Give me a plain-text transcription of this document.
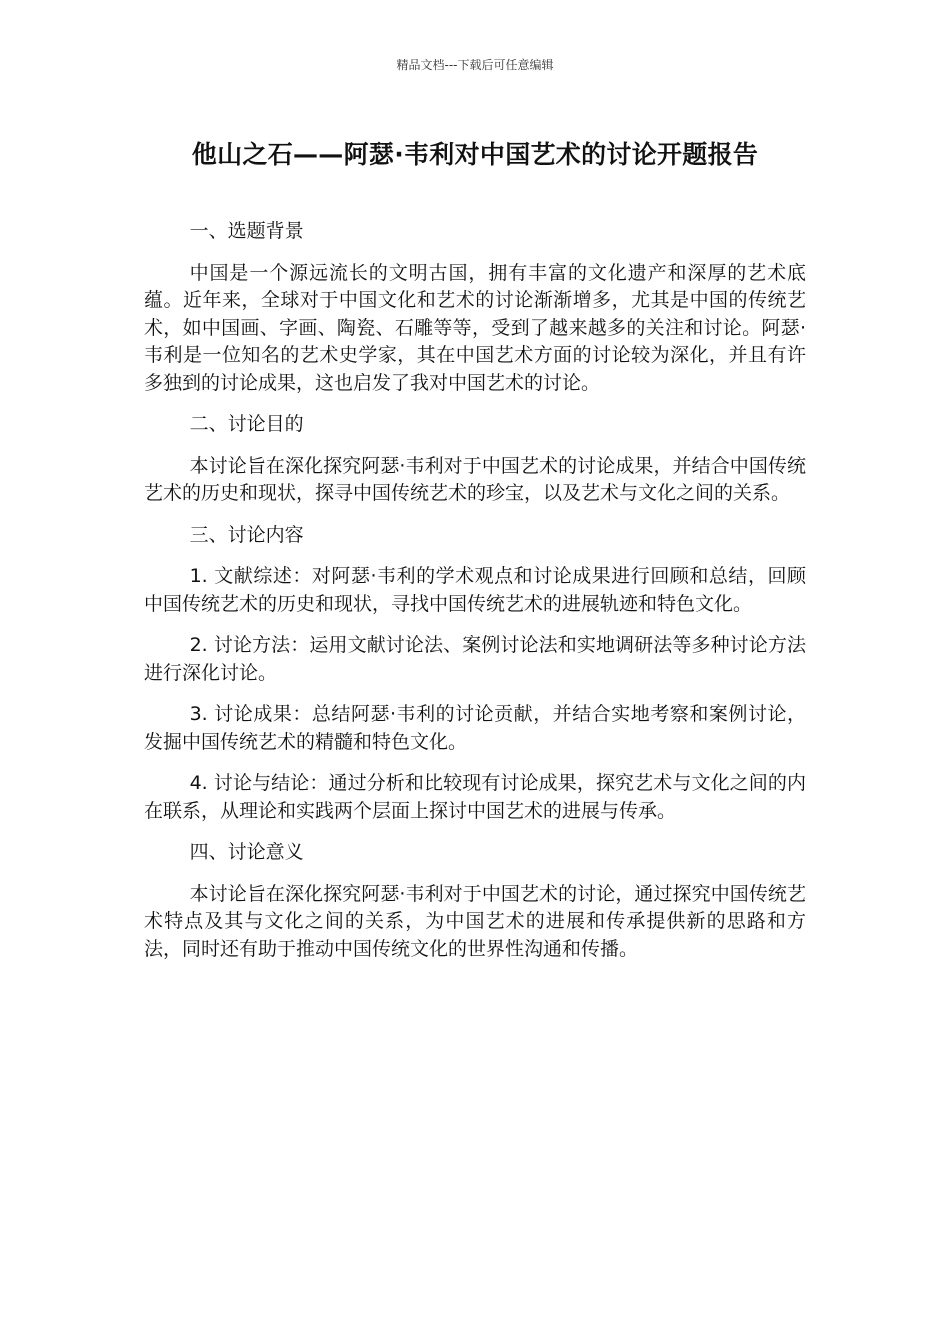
精品文档---下载后可任意编辑
他山之石——阿瑟·韦利对中国艺术的讨论开题报告

一、选题背景

中国是一个源远流长的文明古国，拥有丰富的文化遗产和深厚的艺术底蕴。近年来，全球对于中国文化和艺术的讨论渐渐增多，尤其是中国的传统艺术，如中国画、字画、陶瓷、石雕等等，受到了越来越多的关注和讨论。阿瑟·韦利是一位知名的艺术史学家，其在中国艺术方面的讨论较为深化，并且有许多独到的讨论成果，这也启发了我对中国艺术的讨论。

二、讨论目的

本讨论旨在深化探究阿瑟·韦利对于中国艺术的讨论成果，并结合中国传统艺术的历史和现状，探寻中国传统艺术的珍宝，以及艺术与文化之间的关系。

三、讨论内容

1. 文献综述：对阿瑟·韦利的学术观点和讨论成果进行回顾和总结，回顾中国传统艺术的历史和现状，寻找中国传统艺术的进展轨迹和特色文化。

2. 讨论方法：运用文献讨论法、案例讨论法和实地调研法等多种讨论方法进行深化讨论。

3. 讨论成果：总结阿瑟·韦利的讨论贡献，并结合实地考察和案例讨论，发掘中国传统艺术的精髓和特色文化。

4. 讨论与结论：通过分析和比较现有讨论成果，探究艺术与文化之间的内在联系，从理论和实践两个层面上探讨中国艺术的进展与传承。

四、讨论意义

本讨论旨在深化探究阿瑟·韦利对于中国艺术的讨论，通过探究中国传统艺术特点及其与文化之间的关系，为中国艺术的进展和传承提供新的思路和方法，同时还有助于推动中国传统文化的世界性沟通和传播。
